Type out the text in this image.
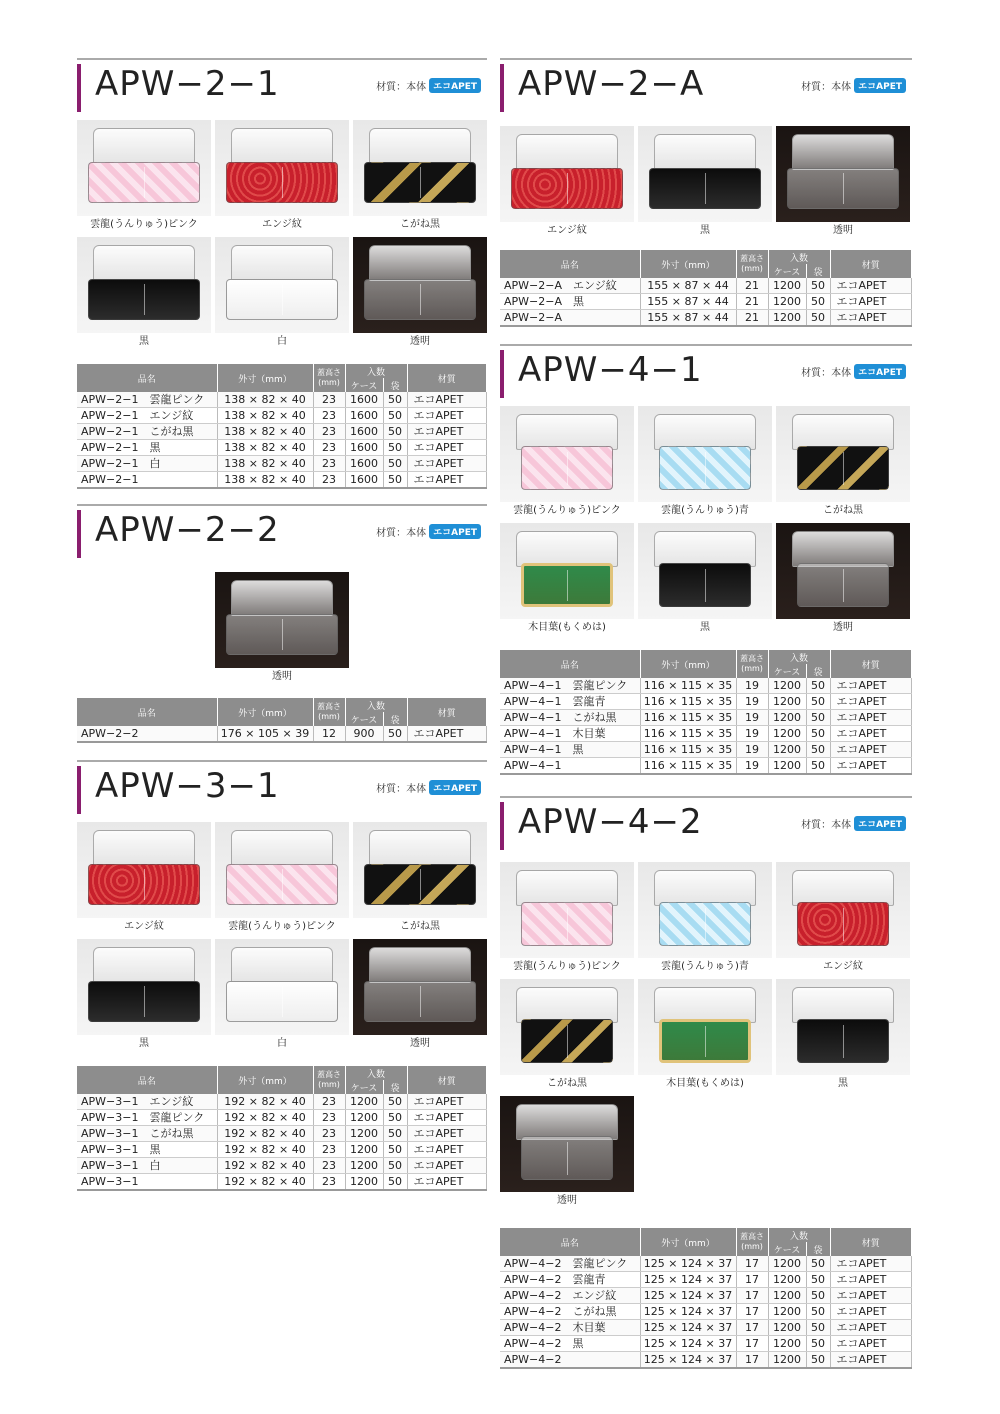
APW−2−1	材質：本体 エコAPET
雲龍(うんりゅう)ピンク	エンジ紋	こがね黒
黒	白	透明
品名	外寸（mm）	蓋高さ
(mm)	入数		材質
			ケース	袋	
APW−2−1　雲龍ピンク	138 × 82 × 40	23	1600	50	エコAPET
APW−2−1　エンジ紋	138 × 82 × 40	23	1600	50	エコAPET
APW−2−1　こがね黒	138 × 82 × 40	23	1600	50	エコAPET
APW−2−1　黒	138 × 82 × 40	23	1600	50	エコAPET
APW−2−1　白	138 × 82 × 40	23	1600	50	エコAPET
APW−2−1	138 × 82 × 40	23	1600	50	エコAPET
APW−2−2	材質：本体 エコAPET
透明
品名	外寸（mm）	蓋高さ
(mm)	入数		材質
			ケース	袋	
APW−2−2	176 × 105 × 39	12	900	50	エコAPET
APW−3−1	材質：本体 エコAPET
エンジ紋	雲龍(うんりゅう)ピンク	こがね黒
黒	白	透明
品名	外寸（mm）	蓋高さ
(mm)	入数		材質
			ケース	袋	
APW−3−1　エンジ紋	192 × 82 × 40	23	1200	50	エコAPET
APW−3−1　雲龍ピンク	192 × 82 × 40	23	1200	50	エコAPET
APW−3−1　こがね黒	192 × 82 × 40	23	1200	50	エコAPET
APW−3−1　黒	192 × 82 × 40	23	1200	50	エコAPET
APW−3−1　白	192 × 82 × 40	23	1200	50	エコAPET
APW−3−1	192 × 82 × 40	23	1200	50	エコAPET
APW−2−A	材質：本体 エコAPET
エンジ紋	黒	透明
品名	外寸（mm）	蓋高さ
(mm)	入数		材質
			ケース	袋	
APW−2−A　エンジ紋	155 × 87 × 44	21	1200	50	エコAPET
APW−2−A　黒	155 × 87 × 44	21	1200	50	エコAPET
APW−2−A	155 × 87 × 44	21	1200	50	エコAPET
APW−4−1	材質：本体 エコAPET
雲龍(うんりゅう)ピンク	雲龍(うんりゅう)青	こがね黒
木目葉(もくめは)	黒	透明
品名	外寸（mm）	蓋高さ
(mm)	入数		材質
			ケース	袋	
APW−4−1　雲龍ピンク	116 × 115 × 35	19	1200	50	エコAPET
APW−4−1　雲龍青	116 × 115 × 35	19	1200	50	エコAPET
APW−4−1　こがね黒	116 × 115 × 35	19	1200	50	エコAPET
APW−4−1　木目葉	116 × 115 × 35	19	1200	50	エコAPET
APW−4−1　黒	116 × 115 × 35	19	1200	50	エコAPET
APW−4−1	116 × 115 × 35	19	1200	50	エコAPET
APW−4−2	材質：本体 エコAPET
雲龍(うんりゅう)ピンク	雲龍(うんりゅう)青	エンジ紋
こがね黒	木目葉(もくめは)	黒
透明
品名	外寸（mm）	蓋高さ
(mm)	入数		材質
			ケース	袋	
APW−4−2　雲龍ピンク	125 × 124 × 37	17	1200	50	エコAPET
APW−4−2　雲龍青	125 × 124 × 37	17	1200	50	エコAPET
APW−4−2　エンジ紋	125 × 124 × 37	17	1200	50	エコAPET
APW−4−2　こがね黒	125 × 124 × 37	17	1200	50	エコAPET
APW−4−2　木目葉	125 × 124 × 37	17	1200	50	エコAPET
APW−4−2　黒	125 × 124 × 37	17	1200	50	エコAPET
APW−4−2	125 × 124 × 37	17	1200	50	エコAPET
